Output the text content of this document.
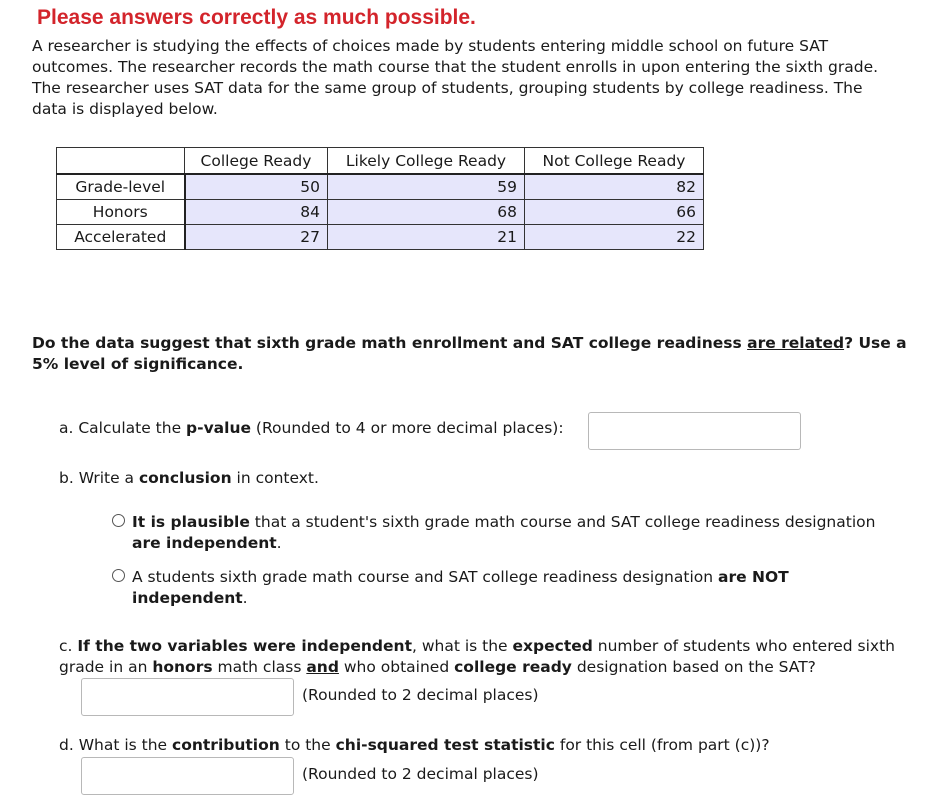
Please answers correctly as much possible.

A researcher is studying the effects of choices made by students entering middle school on future SAT outcomes. The researcher records the math course that the student enrolls in upon entering the sixth grade. The researcher uses SAT data for the same group of students, grouping students by college readiness. The data is displayed below.

	College Ready	Likely College Ready	Not College Ready
Grade-level	50	59	82
Honors	84	68	66
Accelerated	27	21	22

Do the data suggest that sixth grade math enrollment and SAT college readiness are related? Use a 5% level of significance.

a. Calculate the p-value (Rounded to 4 or more decimal places):

b. Write a conclusion in context.

It is plausible that a student's sixth grade math course and SAT college readiness designation are independent.

A students sixth grade math course and SAT college readiness designation are NOT independent.

c. If the two variables were independent, what is the expected number of students who entered sixth grade in an honors math class and who obtained college ready designation based on the SAT?

(Rounded to 2 decimal places)

d. What is the contribution to the chi-squared test statistic for this cell (from part (c))?

(Rounded to 2 decimal places)
